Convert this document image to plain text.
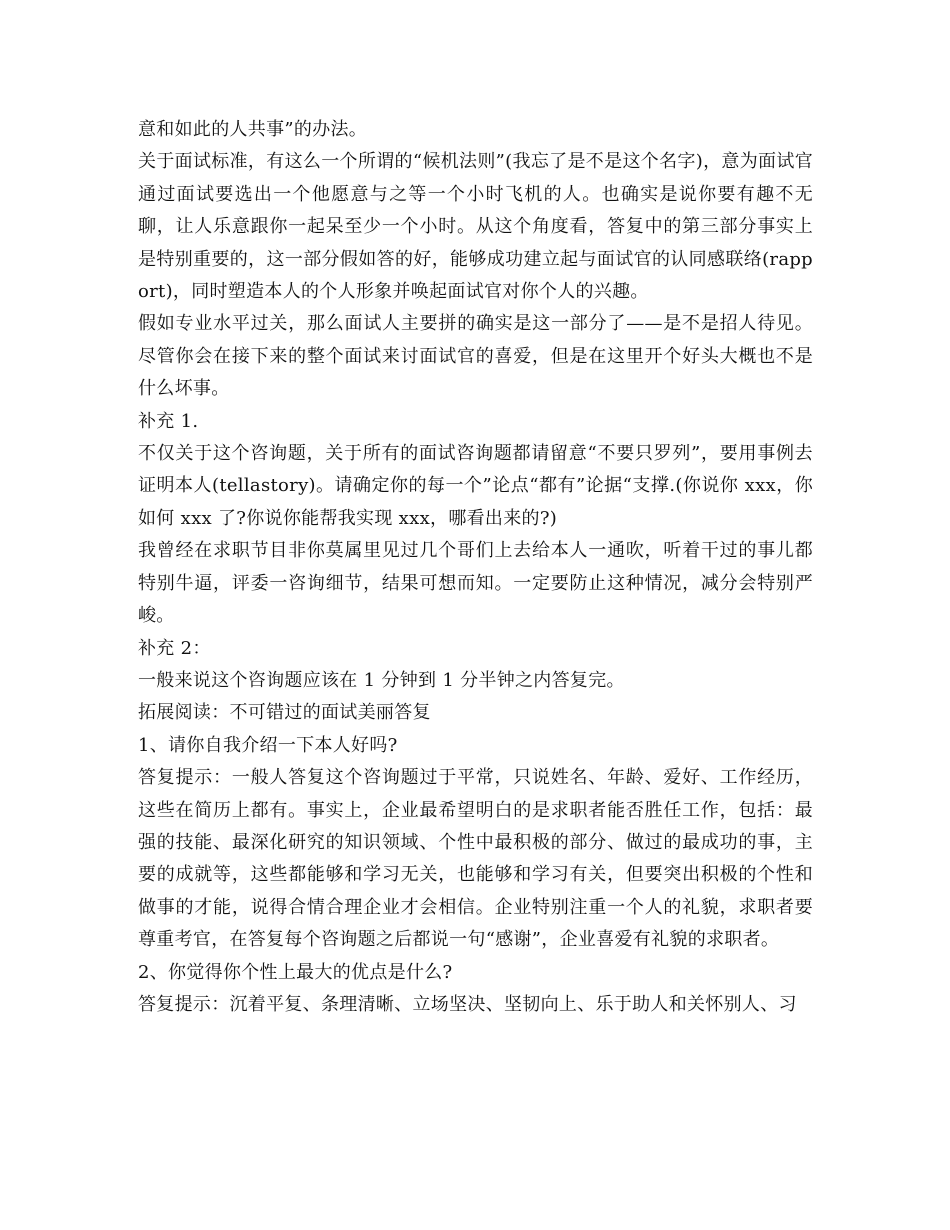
意和如此的人共事”的办法。

关于面试标准，有这么一个所谓的“候机法则”(我忘了是不是这个名字)，意为面试官通过面试要选出一个他愿意与之等一个小时飞机的人。也确实是说你要有趣不无聊，让人乐意跟你一起呆至少一个小时。从这个角度看，答复中的第三部分事实上是特别重要的，这一部分假如答的好，能够成功建立起与面试官的认同感联络(rapport)，同时塑造本人的个人形象并唤起面试官对你个人的兴趣。

假如专业水平过关，那么面试人主要拼的确实是这一部分了——是不是招人待见。尽管你会在接下来的整个面试来讨面试官的喜爱，但是在这里开个好头大概也不是什么坏事。

补充 1.

不仅关于这个咨询题，关于所有的面试咨询题都请留意“不要只罗列”，要用事例去证明本人(tellastory)。请确定你的每一个”论点“都有”论据“支撑.(你说你 xxx，你如何 xxx 了?你说你能帮我实现 xxx，哪看出来的?)

我曾经在求职节目非你莫属里见过几个哥们上去给本人一通吹，听着干过的事儿都特别牛逼，评委一咨询细节，结果可想而知。一定要防止这种情况，减分会特别严峻。

补充 2：

一般来说这个咨询题应该在 1 分钟到 1 分半钟之内答复完。

拓展阅读：不可错过的面试美丽答复

1、请你自我介绍一下本人好吗?

答复提示：一般人答复这个咨询题过于平常，只说姓名、年龄、爱好、工作经历，这些在简历上都有。事实上，企业最希望明白的是求职者能否胜任工作，包括：最强的技能、最深化研究的知识领域、个性中最积极的部分、做过的最成功的事，主要的成就等，这些都能够和学习无关，也能够和学习有关，但要突出积极的个性和做事的才能，说得合情合理企业才会相信。企业特别注重一个人的礼貌，求职者要尊重考官，在答复每个咨询题之后都说一句“感谢”，企业喜爱有礼貌的求职者。

2、你觉得你个性上最大的优点是什么?

答复提示：沉着平复、条理清晰、立场坚决、坚韧向上、乐于助人和关怀别人、习
